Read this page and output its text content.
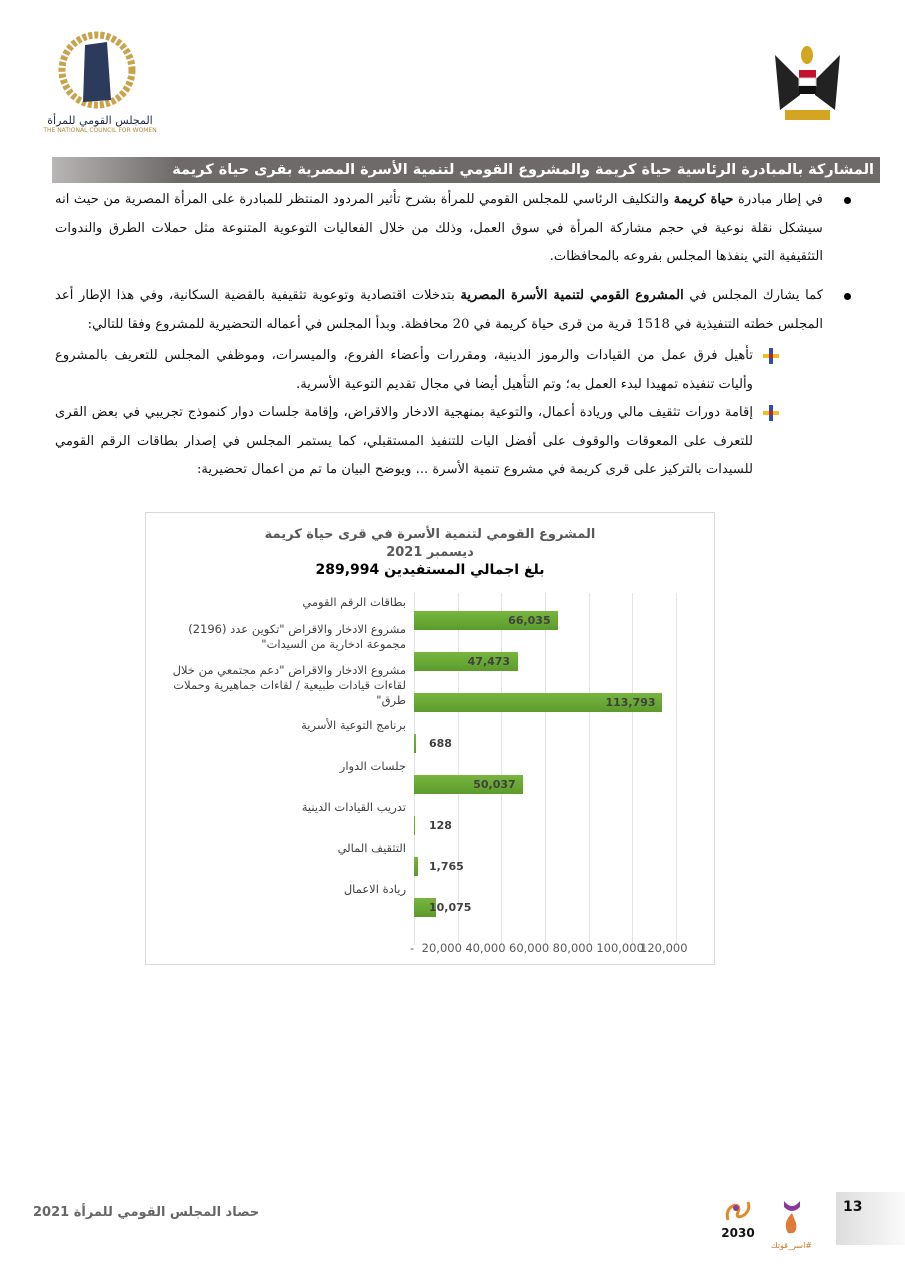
المجلس القومي للمرأة
THE NATIONAL COUNCIL FOR WOMEN
المشاركة بالمبادرة الرئاسية حياة كريمة والمشروع القومي لتنمية الأسرة المصرية بقرى حياة كريمة
في إطار مبادرة حياة كريمة والتكليف الرئاسي للمجلس القومي للمرأة بشرح تأثير المردود المنتظر للمبادرة على المرأة المصرية من حيث انه سيشكل نقلة نوعية في حجم مشاركة المرأة في سوق العمل، وذلك من خلال الفعاليات التوعوية المتنوعة مثل حملات الطرق والندوات التثقيفية التي ينفذها المجلس بفروعه بالمحافظات.
كما يشارك المجلس في المشروع القومي لتنمية الأسرة المصرية بتدخلات اقتصادية وتوعوية تثقيفية بالقضية السكانية، وفي هذا الإطار أعد المجلس خطته التنفيذية في 1518 قرية من قرى حياة كريمة في 20 محافظة. وبدأ المجلس في أعماله التحضيرية للمشروع وفقا للتالي:
تأهيل فرق عمل من القيادات والرموز الدينية، ومقررات وأعضاء الفروع، والميسرات، وموظفي المجلس للتعريف بالمشروع وأليات تنفيذه تمهيدا لبدء العمل به؛ وتم التأهيل أيضا في مجال تقديم التوعية الأسرية.
إقامة دورات تثقيف مالي وريادة أعمال، والتوعية بمنهجية الادخار والاقراض، وإقامة جلسات دوار كنموذج تجريبي في بعض القرى للتعرف على المعوقات والوقوف على أفضل اليات للتنفيذ المستقبلي، كما يستمر المجلس في إصدار بطاقات الرقم القومي للسيدات بالتركيز على قرى كريمة في مشروع تنمية الأسرة ... ويوضح البيان ما تم من اعمال تحضيرية:
المشروع القومي لتنمية الأسرة في قرى حياة كريمة
ديسمبر 2021
بلغ اجمالي المستفيدين 289,994
- 20,000 40,000 60,000 80,000 100,000
120,000
بطاقات الرقم القومي
66,035
مشروع الادخار والاقراض "تكوين عدد (2196) مجموعة ادخارية من السيدات"
47,473
مشروع الادخار والاقراض "دعم مجتمعي من خلال لقاءات قيادات طبيعية / لقاءات جماهيرية وحملات طرق"	113,793
برنامج التوعية الأسرية
688
جلسات الدوار
50,037
تدريب القيادات الدينية
128
التثقيف المالي
1,765
ريادة الاعمال
10,075
حصاد المجلس القومي للمرأة 2021
2030
#اسر_قوتك
13
